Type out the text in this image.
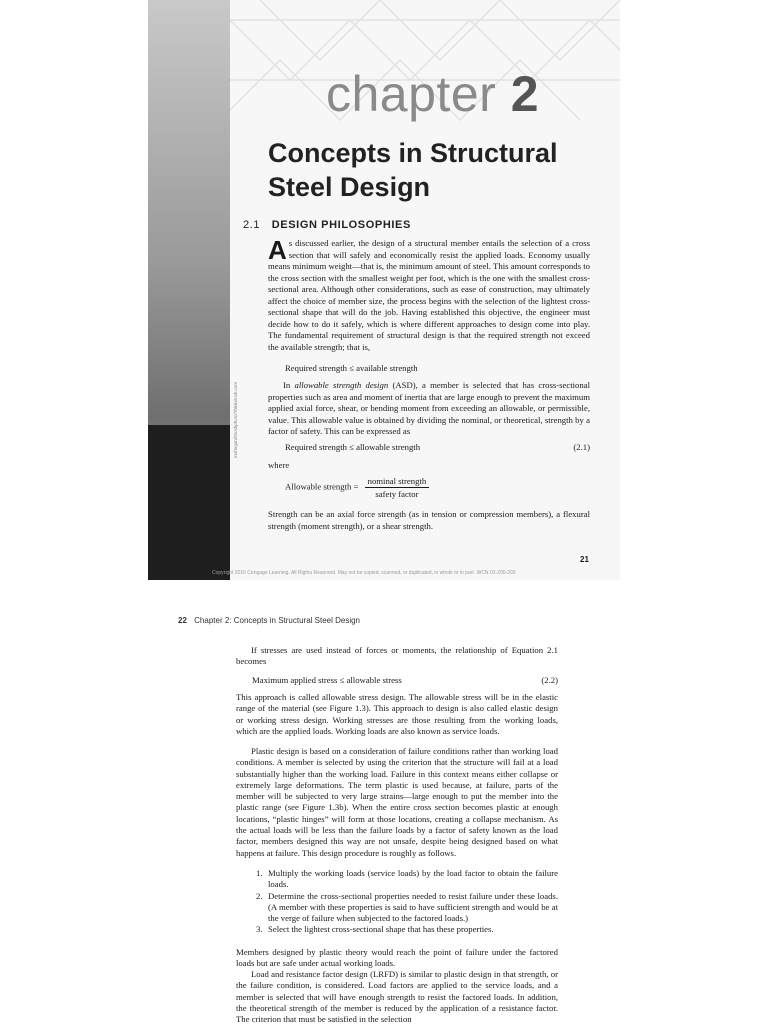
chapter 2
Concepts in Structural
Steel Design
2.1 DESIGN PHILOSOPHIES
A s discussed earlier, the design of a structural member entails the selection of a cross section that will safely and economically resist the applied loads. Economy usually means minimum weight—that is, the minimum amount of steel. This amount corresponds to the cross section with the smallest weight per foot, which is the one with the smallest cross-sectional area. Although other considerations, such as ease of construction, may ultimately affect the choice of member size, the process begins with the selection of the lightest cross-sectional shape that will do the job. Having established this objective, the engineer must decide how to do it safely, which is where different approaches to design come into play. The fundamental requirement of structural design is that the required strength not exceed the available strength; that is,
Required strength ≤ available strength
In allowable strength design (ASD), a member is selected that has cross-sectional properties such as area and moment of inertia that are large enough to prevent the maximum applied axial force, shear, or bending moment from exceeding an allowable, or permissible, value. This allowable value is obtained by dividing the nominal, or theoretical, strength by a factor of safety. This can be expressed as
Required strength ≤ allowable strength	(2.1)
where
Allowable strength = $\frac{\text{nominal strength}}{\text{safety factor}}$
Strength can be an axial force strength (as in tension or compression members), a flexural strength (moment strength), or a shear strength.
21
Copyright 2016 Cengage Learning. All Rights Reserved. May not be copied, scanned, or duplicated, in whole or in part. WCN 02-200-203
mohegan/iStockphoto/Thinkstock.com
22 Chapter 2: Concepts in Structural Steel Design
If stresses are used instead of forces or moments, the relationship of Equation 2.1 becomes
Maximum applied stress ≤ allowable stress	(2.2)
This approach is called allowable stress design. The allowable stress will be in the elastic range of the material (see Figure 1.3). This approach to design is also called elastic design or working stress design. Working stresses are those resulting from the working loads, which are the applied loads. Working loads are also known as service loads.
Plastic design is based on a consideration of failure conditions rather than working load conditions. A member is selected by using the criterion that the structure will fail at a load substantially higher than the working load. Failure in this context means either collapse or extremely large deformations. The term plastic is used because, at failure, parts of the member will be subjected to very large strains—large enough to put the member into the plastic range (see Figure 1.3b). When the entire cross section becomes plastic at enough locations, “plastic hinges” will form at those locations, creating a collapse mechanism. As the actual loads will be less than the failure loads by a factor of safety known as the load factor, members designed this way are not unsafe, despite being designed based on what happens at failure. This design procedure is roughly as follows.
1. Multiply the working loads (service loads) by the load factor to obtain the failure loads.
2. Determine the cross-sectional properties needed to resist failure under these loads. (A member with these properties is said to have sufficient strength and would be at the verge of failure when subjected to the factored loads.)
3. Select the lightest cross-sectional shape that has these properties.
Members designed by plastic theory would reach the point of failure under the factored loads but are safe under actual working loads.
Load and resistance factor design (LRFD) is similar to plastic design in that strength, or the failure condition, is considered. Load factors are applied to the service loads, and a member is selected that will have enough strength to resist the factored loads. In addition, the theoretical strength of the member is reduced by the application of a resistance factor. The criterion that must be satisfied in the selection
